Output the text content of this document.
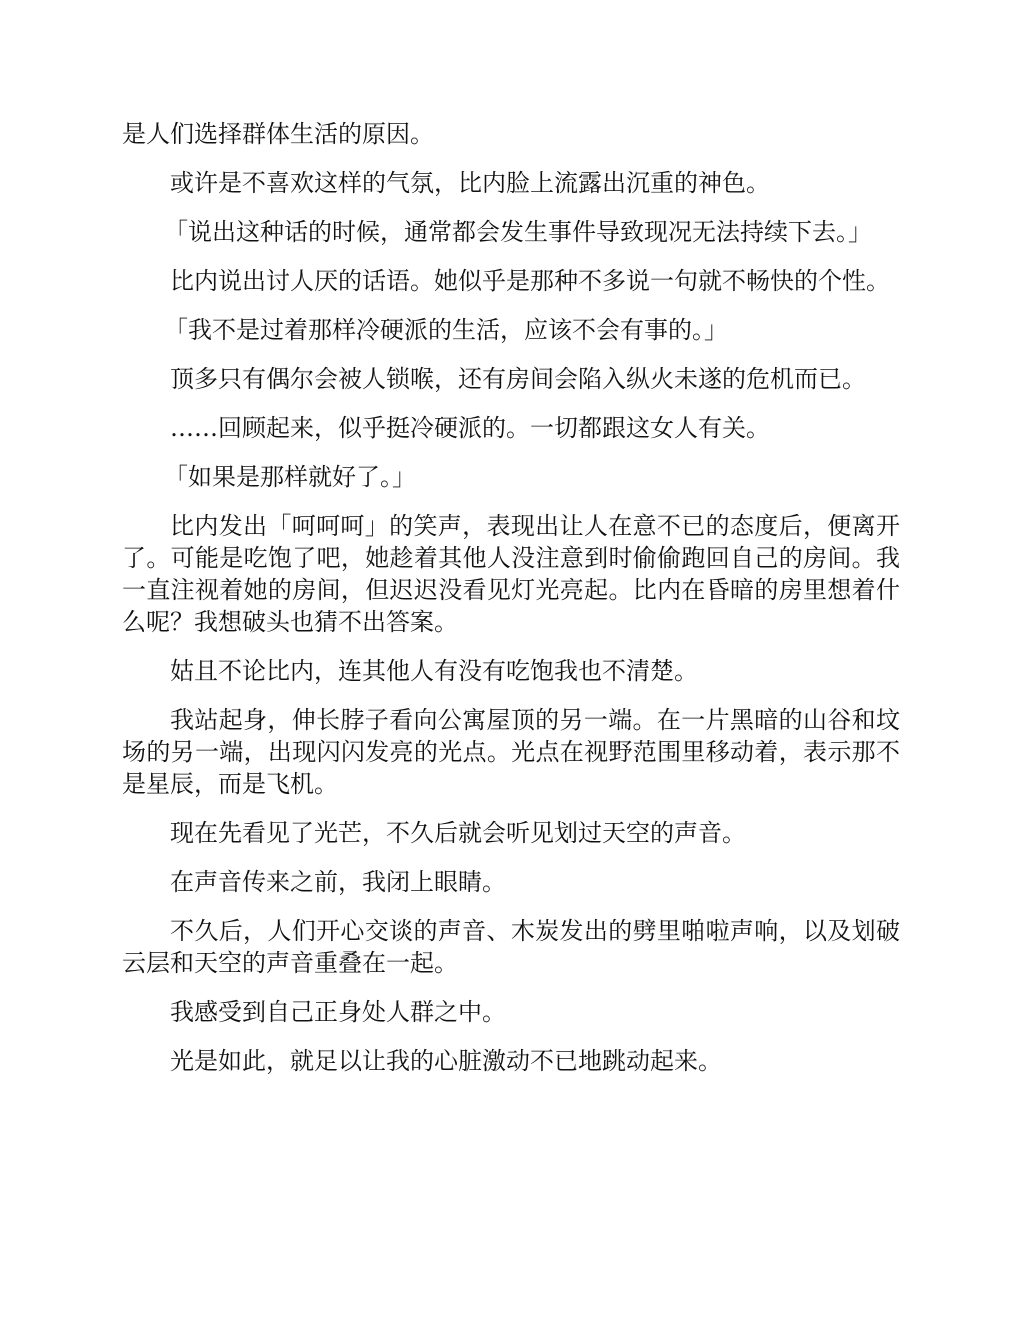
是人们选择群体生活的原因。

或许是不喜欢这样的气氛，比内脸上流露出沉重的神色。

「说出这种话的时候，通常都会发生事件导致现况无法持续下去。」

比内说出讨人厌的话语。她似乎是那种不多说一句就不畅快的个性。

「我不是过着那样冷硬派的生活，应该不会有事的。」

顶多只有偶尔会被人锁喉，还有房间会陷入纵火未遂的危机而已。

……回顾起来，似乎挺冷硬派的。一切都跟这女人有关。

「如果是那样就好了。」

比内发出「呵呵呵」的笑声，表现出让人在意不已的态度后，便离开了。可能是吃饱了吧，她趁着其他人没注意到时偷偷跑回自己的房间。我一直注视着她的房间，但迟迟没看见灯光亮起。比内在昏暗的房里想着什么呢？我想破头也猜不出答案。

姑且不论比内，连其他人有没有吃饱我也不清楚。

我站起身，伸长脖子看向公寓屋顶的另一端。在一片黑暗的山谷和坟场的另一端，出现闪闪发亮的光点。光点在视野范围里移动着，表示那不是星辰，而是飞机。

现在先看见了光芒，不久后就会听见划过天空的声音。

在声音传来之前，我闭上眼睛。

不久后，人们开心交谈的声音、木炭发出的劈里啪啦声响，以及划破云层和天空的声音重叠在一起。

我感受到自己正身处人群之中。

光是如此，就足以让我的心脏激动不已地跳动起来。
